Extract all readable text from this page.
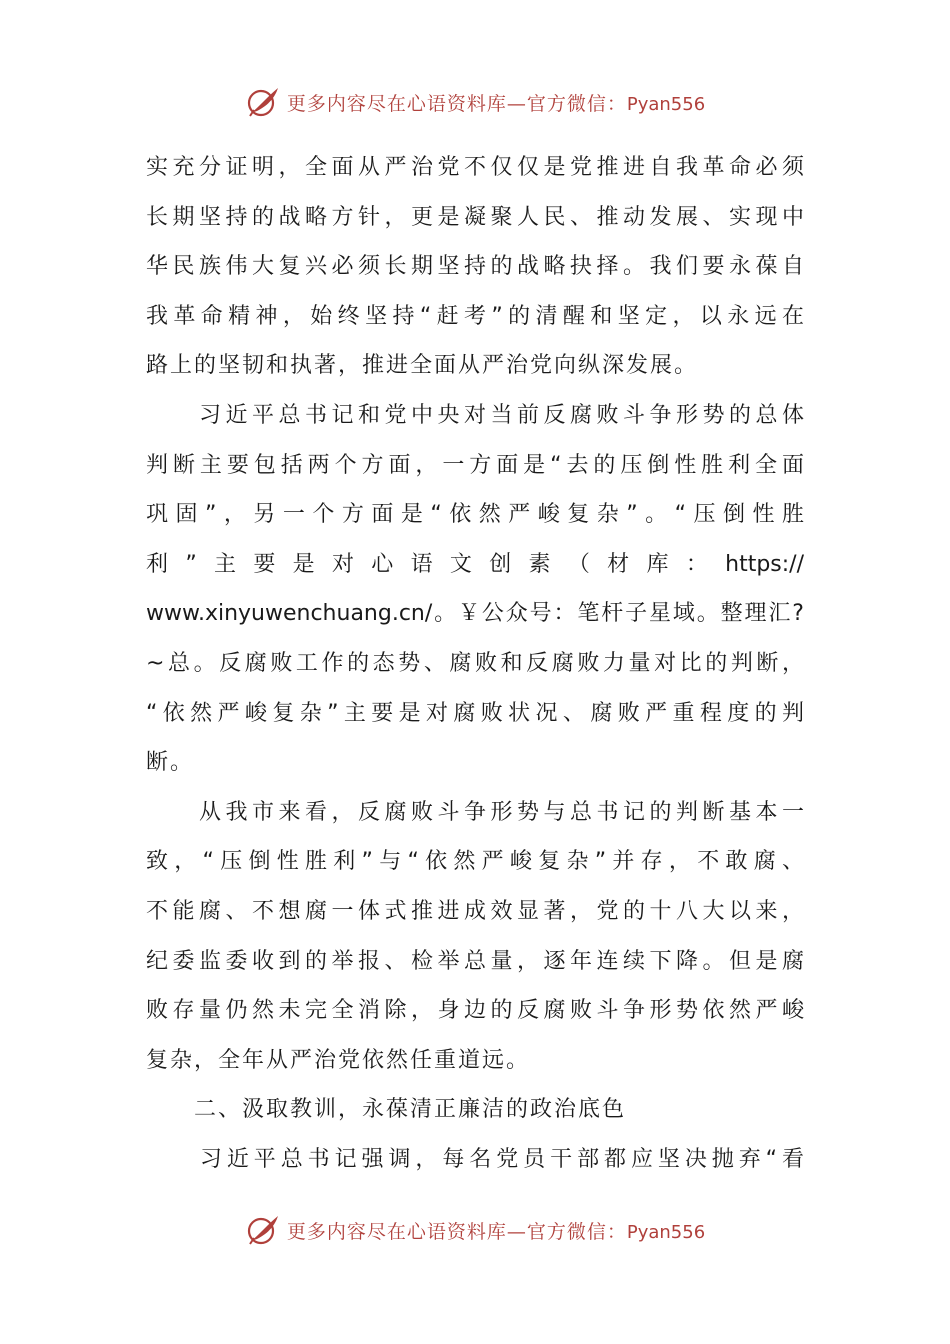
更多内容尽在心语资料库—官方微信：Pyan556
实充分证明，全面从严治党不仅仅是党推进自我革命必须
长期坚持的战略方针，更是凝聚人民、推动发展、实现中
华民族伟大复兴必须长期坚持的战略抉择。我们要永葆自
我革命精神，始终坚持“赶考”的清醒和坚定，以永远在
路上的坚韧和执著，推进全面从严治党向纵深发展。
　　习近平总书记和党中央对当前反腐败斗争形势的总体
判断主要包括两个方面，一方面是“去的压倒性胜利全面
巩固”，另一个方面是“依然严峻复杂”。“压倒性胜
利”主要是对心语文创素（材库：https://
www.xinyuwenchuang.cn/。￥公众号：笔杆子星域。整理汇?
~总。反腐败工作的态势、腐败和反腐败力量对比的判断，
“依然严峻复杂”主要是对腐败状况、腐败严重程度的判
断。
　　从我市来看，反腐败斗争形势与总书记的判断基本一
致，“压倒性胜利”与“依然严峻复杂”并存，不敢腐、
不能腐、不想腐一体式推进成效显著，党的十八大以来，
纪委监委收到的举报、检举总量，逐年连续下降。但是腐
败存量仍然未完全消除，身边的反腐败斗争形势依然严峻
复杂，全年从严治党依然任重道远。
　　二、汲取教训，永葆清正廉洁的政治底色
　　习近平总书记强调，每名党员干部都应坚决抛弃“看
更多内容尽在心语资料库—官方微信：Pyan556
